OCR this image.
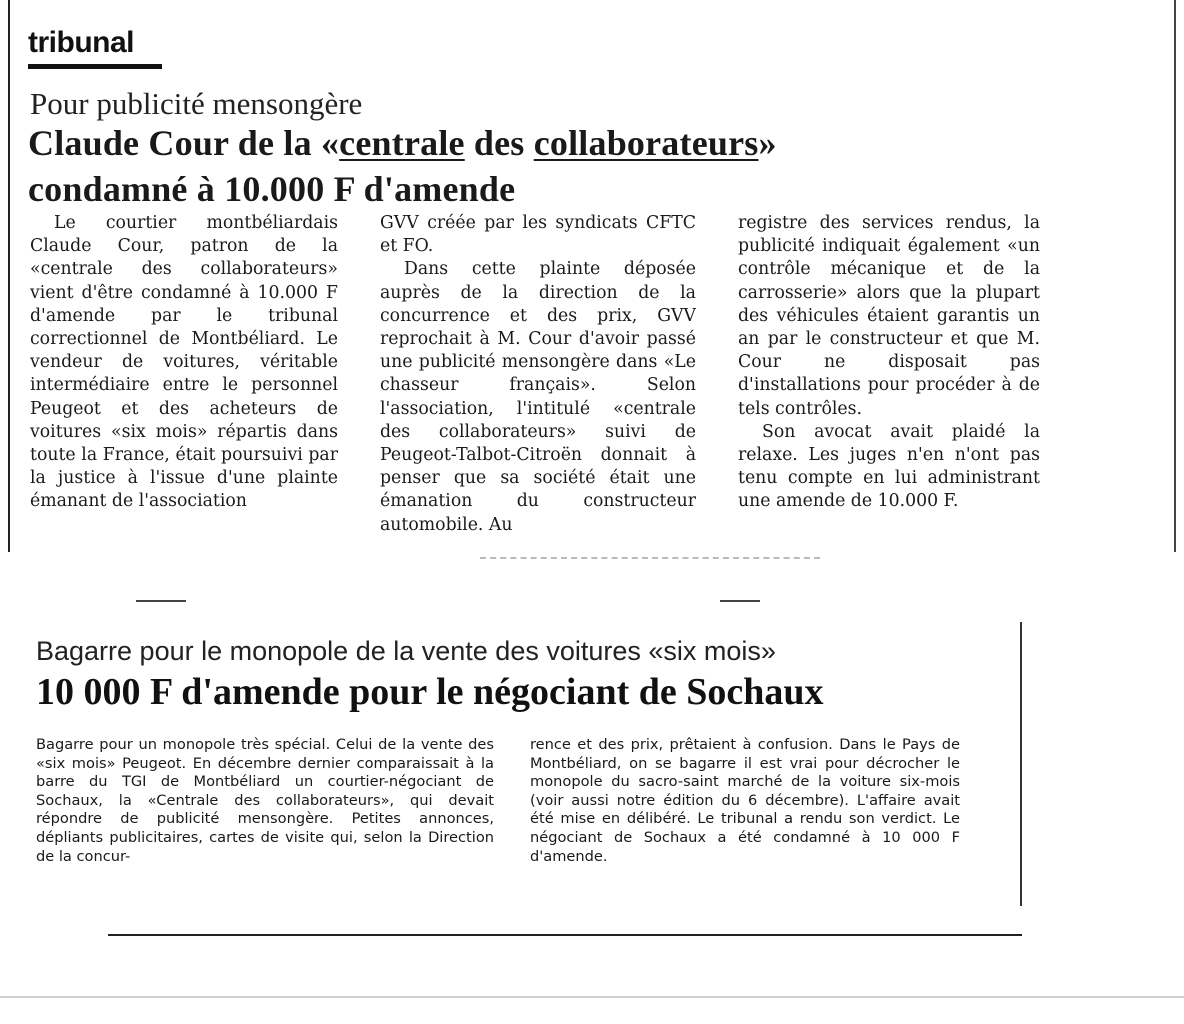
tribunal
Pour publicité mensongère
Claude Cour de la «centrale des collaborateurs»
condamné à 10.000 F d'amende

Le courtier montbéliardais Claude Cour, patron de la «centrale des collaborateurs» vient d'être condamné à 10.000 F d'amende par le tribunal correctionnel de Montbéliard. Le vendeur de voitures, véritable intermédiaire entre le personnel Peugeot et des acheteurs de voitures «six mois» répartis dans toute la France, était poursuivi par la justice à l'issue d'une plainte émanant de l'association

GVV créée par les syndicats CFTC et FO.

Dans cette plainte déposée auprès de la direction de la concurrence et des prix, GVV reprochait à M. Cour d'avoir passé une publicité mensongère dans «Le chasseur français». Selon l'association, l'intitulé «centrale des collaborateurs» suivi de Peugeot-Talbot-Citroën donnait à penser que sa société était une émanation du constructeur automobile. Au

registre des services rendus, la publicité indiquait également «un contrôle mécanique et de la carrosserie» alors que la plupart des véhicules étaient garantis un an par le constructeur et que M. Cour ne disposait pas d'installations pour procéder à de tels contrôles.

Son avocat avait plaidé la relaxe. Les juges n'en n'ont pas tenu compte en lui administrant une amende de 10.000 F.

Bagarre pour le monopole de la vente des voitures «six mois»
10 000 F d'amende pour le négociant de Sochaux

Bagarre pour un monopole très spécial. Celui de la vente des «six mois» Peugeot. En décembre dernier comparaissait à la barre du TGI de Montbéliard un courtier-négociant de Sochaux, la «Centrale des collaborateurs», qui devait répondre de publicité mensongère. Petites annonces, dépliants publicitaires, cartes de visite qui, selon la Direction de la concur-

rence et des prix, prêtaient à confusion. Dans le Pays de Montbéliard, on se bagarre il est vrai pour décrocher le monopole du sacro-saint marché de la voiture six-mois (voir aussi notre édition du 6 décembre). L'affaire avait été mise en délibéré. Le tribunal a rendu son verdict. Le négociant de Sochaux a été condamné à 10 000 F d'amende.
